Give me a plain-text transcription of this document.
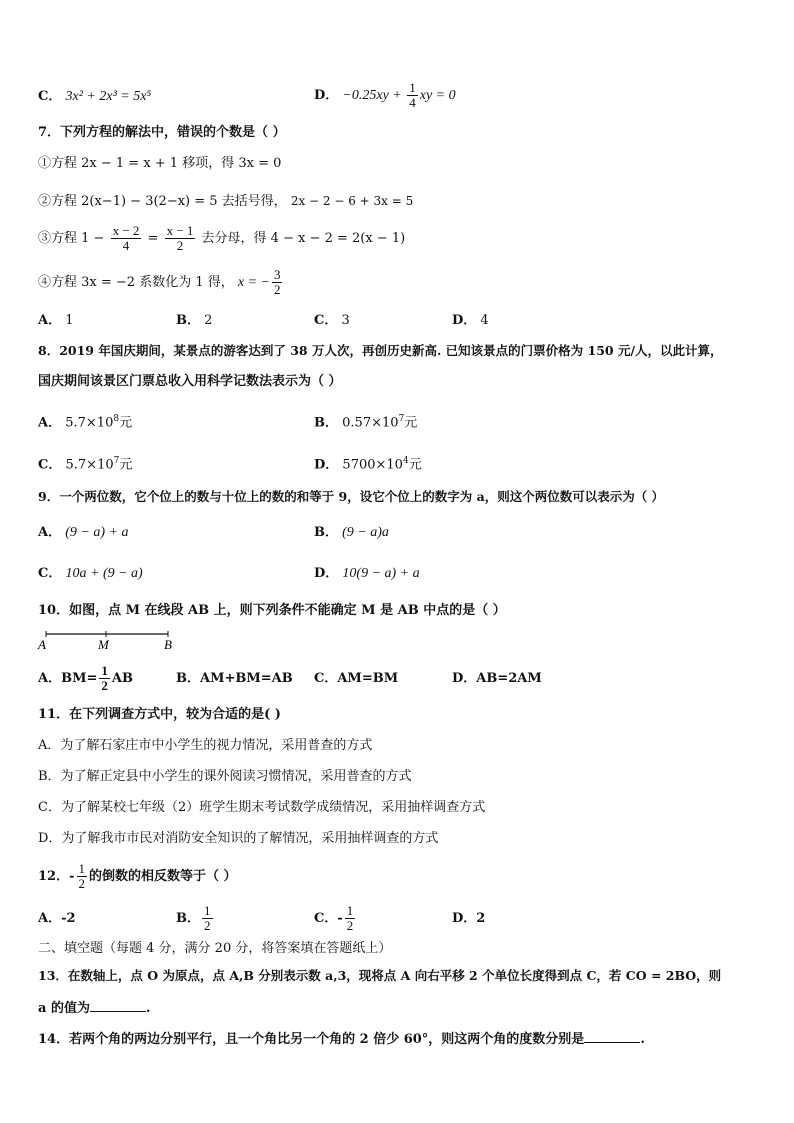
C． 3x² + 2x³ = 5x⁵	D． $-0.25xy + \frac{1}{4}$ xy = 0
7．下列方程的解法中，错误的个数是（ ）
①方程 2x − 1 = x + 1 移项，得 3x = 0
②方程 2(x−1) − 3(2−x) = 5 去括号得， 2x − 2 − 6 + 3x = 5
③方程 $1 - \frac{x - 2}{4} = \frac{x - 1}{2}$ 去分母，得 4 − x − 2 = 2(x − 1)
④方程 3x = −2 系数化为 1 得， x = − $\frac{3}{2}$
A． 1	B． 2	C． 3	D． 4
8．2019 年国庆期间，某景点的游客达到了 38 万人次，再创历史新高. 已知该景点的门票价格为 150 元/人，以此计算，
国庆期间该景区门票总收入用科学记数法表示为（ ）
A． $5.7\times 10^8$元	B． $0.57\times 10^7$元
C． $5.7\times 10^7$元	D． $5700\times 10^4$元
9．一个两位数，它个位上的数与十位上的数的和等于 9，设它个位上的数字为 a，则这个两位数可以表示为（ ）
A． (9 − a) + a	B． (9 − a)a
C． 10a + (9 − a)	D． 10(9 − a) + a
10．如图，点 M 在线段 AB 上，则下列条件不能确定 M 是 AB 中点的是（ ）
A	M	B
A．$BM= \frac{1}{2}$ AB	B．AM+BM=AB C．AM=BM	D．AB=2AM
11．在下列调查方式中，较为合适的是( )
A．为了解石家庄市中小学生的视力情况，采用普查的方式
B．为了解正定县中小学生的课外阅读习惯情况，采用普查的方式
C．为了解某校七年级（2）班学生期末考试数学成绩情况，采用抽样调查方式
D．为了解我市市民对消防安全知识的了解情况，采用抽样调查的方式
12．- $\frac{1}{2}$ 的倒数的相反数等于（ ）
A．-2	B． $\frac{1}{2}$	C．- $\frac{1}{2}$	D．2
二、填空题（每题 4 分，满分 20 分，将答案填在答题纸上）
13．在数轴上，点 O 为原点，点 A,B 分别表示数 a,3，现将点 A 向右平移 2 个单位长度得到点 C，若 CO = 2BO，则
a 的值为	.
14．若两个角的两边分别平行，且一个角比另一个角的 2 倍少 60°，则这两个角的度数分别是	.
